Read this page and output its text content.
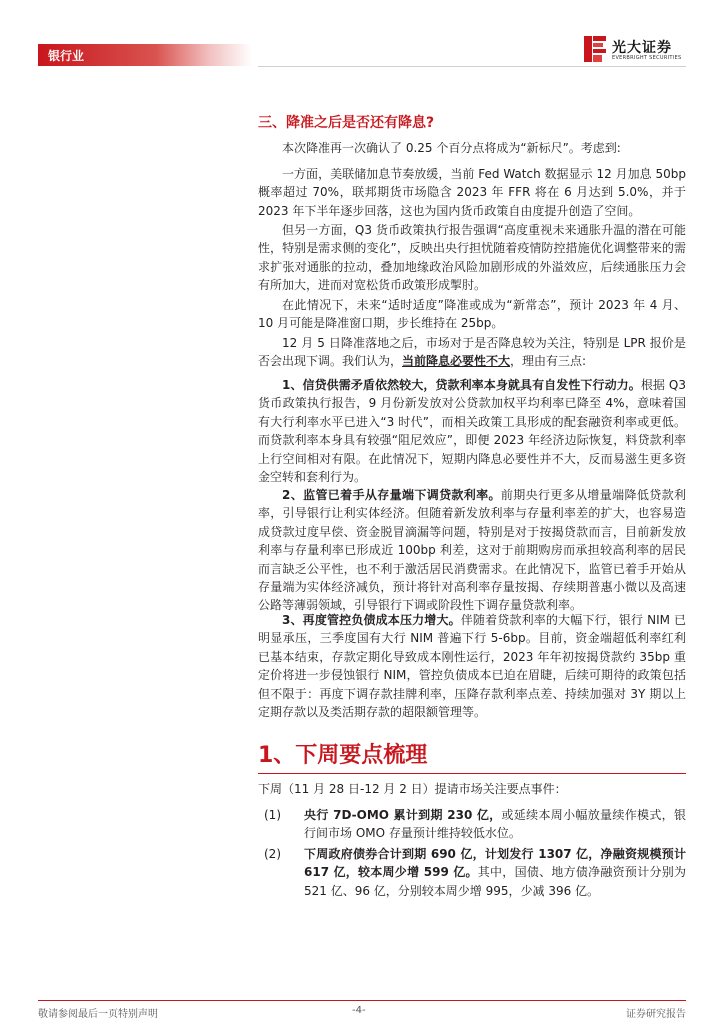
银行业	光大证券
EVERBRIGHT SECURITIES
三、降准之后是否还有降息?

本次降准再一次确认了 0.25 个百分点将成为“新标尺”。考虑到:

一方面，美联储加息节奏放缓，当前 Fed Watch 数据显示 12 月加息 50bp 概率超过 70%，联邦期货市场隐含 2023 年 FFR 将在 6 月达到 5.0%，并于 2023 年下半年逐步回落，这也为国内货币政策自由度提升创造了空间。

但另一方面，Q3 货币政策执行报告强调“高度重视未来通胀升温的潜在可能性，特别是需求侧的变化”，反映出央行担忧随着疫情防控措施优化调整带来的需求扩张对通胀的拉动，叠加地缘政治风险加剧形成的外溢效应，后续通胀压力会有所加大，进而对宽松货币政策形成掣肘。

在此情况下，未来“适时适度”降准或成为“新常态”，预计 2023 年 4 月、10 月可能是降准窗口期，步长维持在 25bp。

12 月 5 日降准落地之后，市场对于是否降息较为关注，特别是 LPR 报价是否会出现下调。我们认为，当前降息必要性不大，理由有三点:

1、信贷供需矛盾依然较大，贷款利率本身就具有自发性下行动力。根据 Q3 货币政策执行报告，9 月份新发放对公贷款加权平均利率已降至 4%，意味着国有大行利率水平已进入“3 时代”，而相关政策工具形成的配套融资利率或更低。而贷款利率本身具有较强“阻尼效应”，即便 2023 年经济边际恢复，料贷款利率上行空间相对有限。在此情况下，短期内降息必要性并不大，反而易滋生更多资金空转和套利行为。

2、监管已着手从存量端下调贷款利率。前期央行更多从增量端降低贷款利率，引导银行让利实体经济。但随着新发放利率与存量利率差的扩大，也容易造成贷款过度早偿、资金脱冒滴漏等问题，特别是对于按揭贷款而言，目前新发放利率与存量利率已形成近 100bp 利差，这对于前期购房而承担较高利率的居民而言缺乏公平性，也不利于激活居民消费需求。在此情况下，监管已着手开始从存量端为实体经济减负，预计将针对高利率存量按揭、存续期普惠小微以及高速公路等薄弱领域，引导银行下调或阶段性下调存量贷款利率。

3、再度管控负债成本压力增大。伴随着贷款利率的大幅下行，银行 NIM 已明显承压，三季度国有大行 NIM 普遍下行 5-6bp。目前，资金端超低利率红利已基本结束，存款定期化导致成本刚性运行，2023 年年初按揭贷款约 35bp 重定价将进一步侵蚀银行 NIM，管控负债成本已迫在眉睫，后续可期待的政策包括但不限于：再度下调存款挂牌利率，压降存款利率点差、持续加强对 3Y 期以上定期存款以及类活期存款的超限额管理等。

1、下周要点梳理

下周（11 月 28 日-12 月 2 日）提请市场关注要点事件：

(1) 央行 7D-OMO 累计到期 230 亿，或延续本周小幅放量续作模式，银行间市场 OMO 存量预计维持较低水位。

(2) 下周政府债券合计到期 690 亿，计划发行 1307 亿，净融资规模预计 617 亿，较本周少增 599 亿。其中，国债、地方债净融资预计分别为 521 亿、96 亿，分别较本周少增 995，少减 396 亿。

敬请参阅最后一页特别声明	-4-	证券研究报告
